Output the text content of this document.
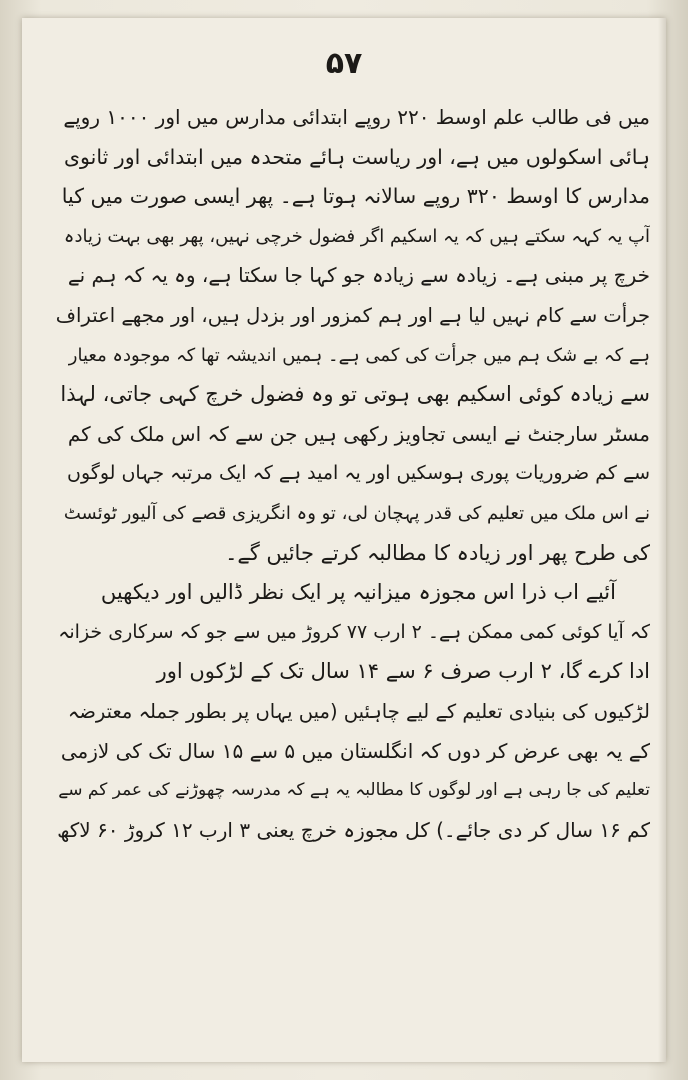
۵۷
میں فی طالب علم اوسط ۲۲۰ روپے ابتدائی مدارس میں اور ۱۰۰۰ روپے
ہائی اسکولوں میں ہے، اور ریاست ہائے متحدہ میں ابتدائی اور ثانوی
مدارس کا اوسط ۳۲۰ روپے سالانہ ہوتا ہے۔ پھر ایسی صورت میں کیا
آپ یہ کہہ سکتے ہیں کہ یہ اسکیم اگر فضول خرچی نہیں، پھر بھی بہت زیادہ
خرچ پر مبنی ہے۔ زیادہ سے زیادہ جو کہا جا سکتا ہے، وہ یہ کہ ہم نے
جرأت سے کام نہیں لیا ہے اور ہم کمزور اور بزدل ہیں، اور مجھے اعتراف
ہے کہ بے شک ہم میں جرأت کی کمی ہے۔ ہمیں اندیشہ تھا کہ موجودہ معیار
سے زیادہ کوئی اسکیم بھی ہوتی تو وہ فضول خرچ کہی جاتی، لہذا
مسٹر سارجنٹ نے ایسی تجاویز رکھی ہیں جن سے کہ اس ملک کی کم
سے کم ضروریات پوری ہوسکیں اور یہ امید ہے کہ ایک مرتبہ جہاں لوگوں
نے اس ملک میں تعلیم کی قدر پہچان لی، تو وہ انگریزی قصے کی آلیور ٹوئسٹ
کی طرح پھر اور زیادہ کا مطالبہ کرتے جائیں گے۔
آئیے اب ذرا اس مجوزہ میزانیہ پر ایک نظر ڈالیں اور دیکھیں
کہ آیا کوئی کمی ممکن ہے۔ ۲ ارب ۷۷ کروڑ میں سے جو کہ سرکاری خزانہ
ادا کرے گا، ۲ ارب صرف ۶ سے ۱۴ سال تک کے لڑکوں اور
لڑکیوں کی بنیادی تعلیم کے لیے چاہئیں (میں یہاں پر بطور جملہ معترضہ
کے یہ بھی عرض کر دوں کہ انگلستان میں ۵ سے ۱۵ سال تک کی لازمی
تعلیم کی جا رہی ہے اور لوگوں کا مطالبہ یہ ہے کہ مدرسہ چھوڑنے کی عمر کم سے
کم ۱۶ سال کر دی جائے۔) کل مجوزہ خرچ یعنی ۳ ارب ۱۲ کروڑ ۶۰ لاکھ
